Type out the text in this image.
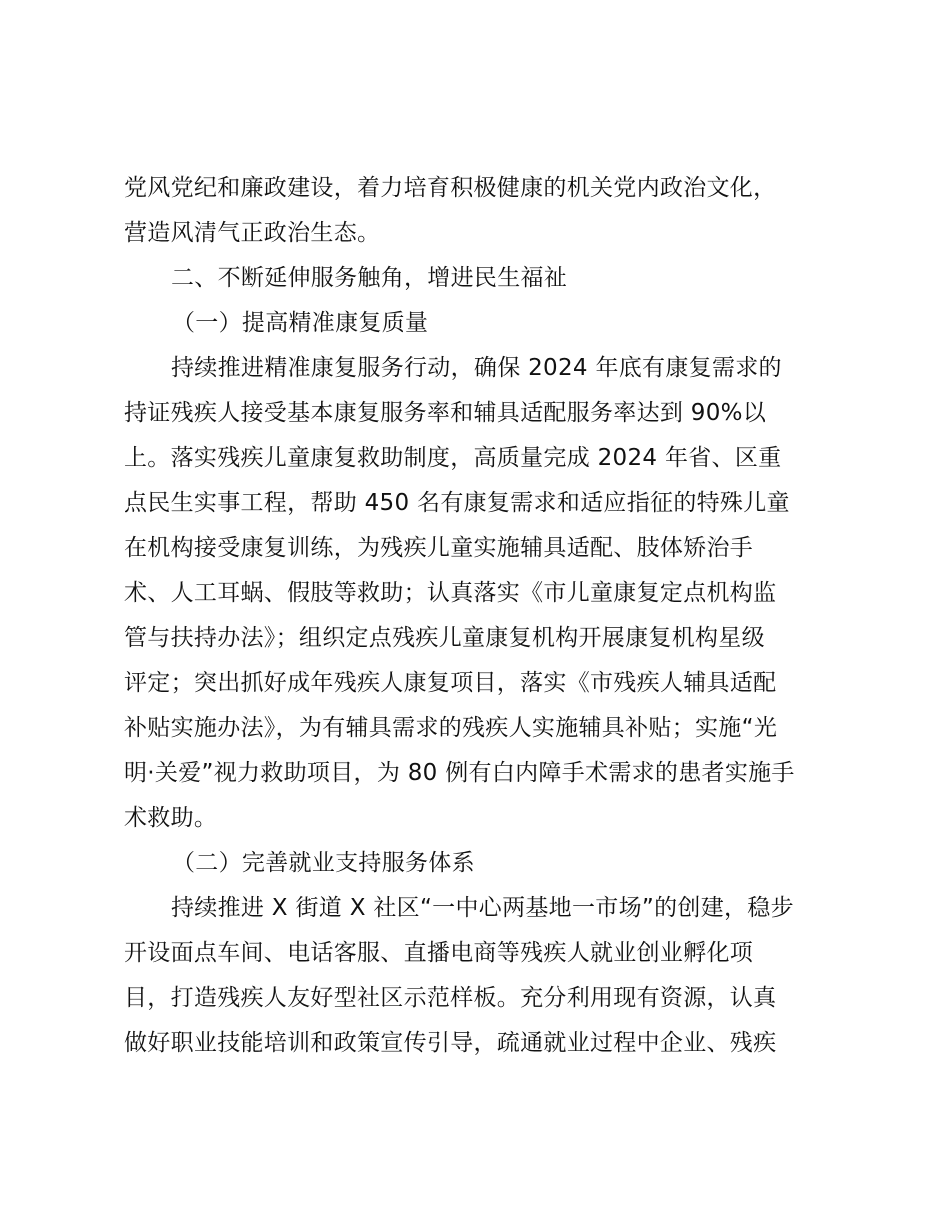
党风党纪和廉政建设，着力培育积极健康的机关党内政治文化，
营造风清气正政治生态。
二、不断延伸服务触角，增进民生福祉
（一）提高精准康复质量
持续推进精准康复服务行动，确保 2024 年底有康复需求的
持证残疾人接受基本康复服务率和辅具适配服务率达到 90%以
上。落实残疾儿童康复救助制度，高质量完成 2024 年省、区重
点民生实事工程，帮助 450 名有康复需求和适应指征的特殊儿童
在机构接受康复训练，为残疾儿童实施辅具适配、肢体矫治手
术、人工耳蜗、假肢等救助；认真落实《市儿童康复定点机构监
管与扶持办法》；组织定点残疾儿童康复机构开展康复机构星级
评定；突出抓好成年残疾人康复项目，落实《市残疾人辅具适配
补贴实施办法》，为有辅具需求的残疾人实施辅具补贴；实施“光
明·关爱”视力救助项目，为 80 例有白内障手术需求的患者实施手
术救助。
（二）完善就业支持服务体系
持续推进 X 街道 X 社区“一中心两基地一市场”的创建，稳步
开设面点车间、电话客服、直播电商等残疾人就业创业孵化项
目，打造残疾人友好型社区示范样板。充分利用现有资源，认真
做好职业技能培训和政策宣传引导，疏通就业过程中企业、残疾
